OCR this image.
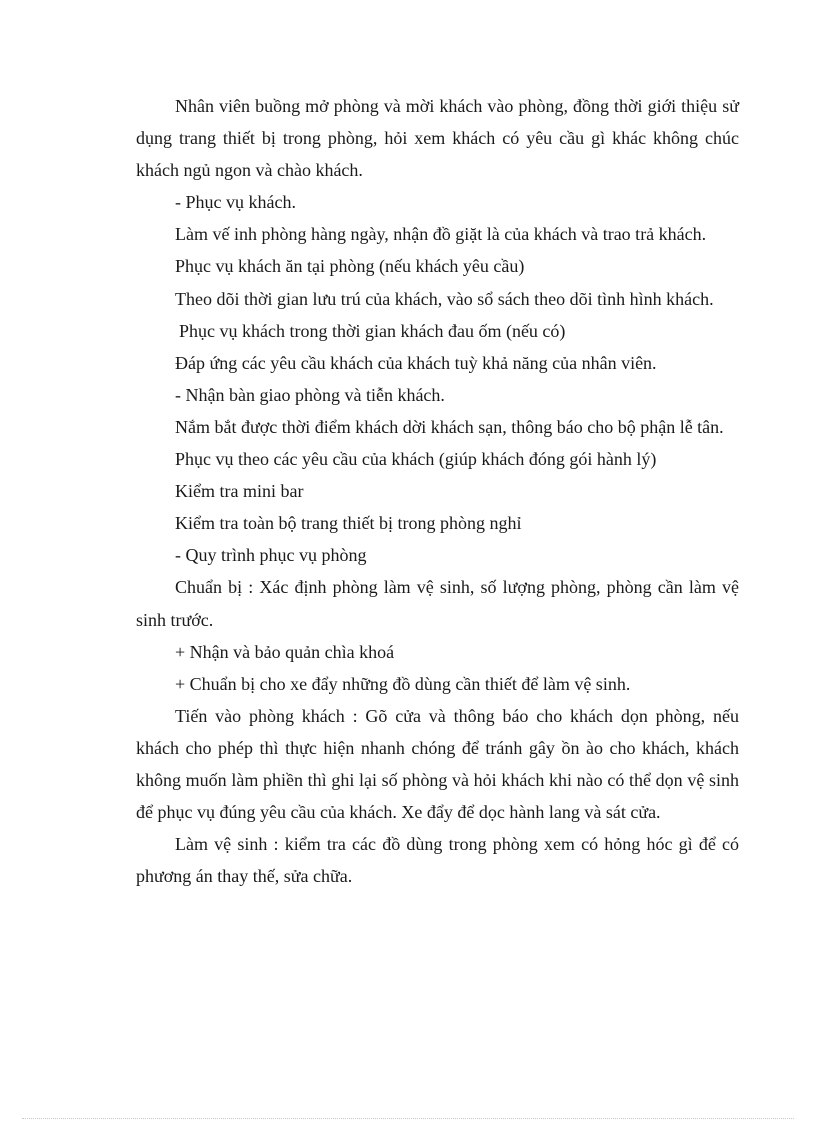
Nhân viên buồng mở phòng và mời khách vào phòng, đồng thời giới thiệu sử dụng trang thiết bị trong phòng, hỏi xem khách có yêu cầu gì khác không chúc khách ngủ ngon và chào khách.

- Phục vụ khách.

Làm vế inh phòng hàng ngày, nhận đồ giặt là của khách và trao trả khách.

Phục vụ khách ăn tại phòng (nếu khách yêu cầu)

Theo dõi thời gian lưu trú của khách, vào sổ sách theo dõi tình hình khách.

Phục vụ khách trong thời gian khách đau ốm (nếu có)

Đáp ứng các yêu cầu khách của khách tuỳ khả năng của nhân viên.

- Nhận bàn giao phòng và tiễn khách.

Nắm bắt được thời điểm khách dời khách sạn, thông báo cho bộ phận lễ tân.

Phục vụ theo các yêu cầu của khách (giúp khách đóng gói hành lý)

Kiểm tra mini bar

Kiểm tra toàn bộ trang thiết bị trong phòng nghỉ

- Quy trình phục vụ phòng

Chuẩn bị : Xác định phòng làm vệ sinh, số lượng phòng, phòng cần làm vệ sinh trước.

+ Nhận và bảo quản chìa khoá

+ Chuẩn bị cho xe đẩy những đồ dùng cần thiết để làm vệ sinh.

Tiến vào phòng khách : Gõ cửa và thông báo cho khách dọn phòng, nếu khách cho phép thì thực hiện nhanh chóng để tránh gây ồn ào cho khách, khách không muốn làm phiền thì ghi lại số phòng và hỏi khách khi nào có thể dọn vệ sinh để phục vụ đúng yêu cầu của khách. Xe đẩy để dọc hành lang và sát cửa.

Làm vệ sinh : kiểm tra các đồ dùng trong phòng xem có hỏng hóc gì để có phương án thay thế, sửa chữa.
